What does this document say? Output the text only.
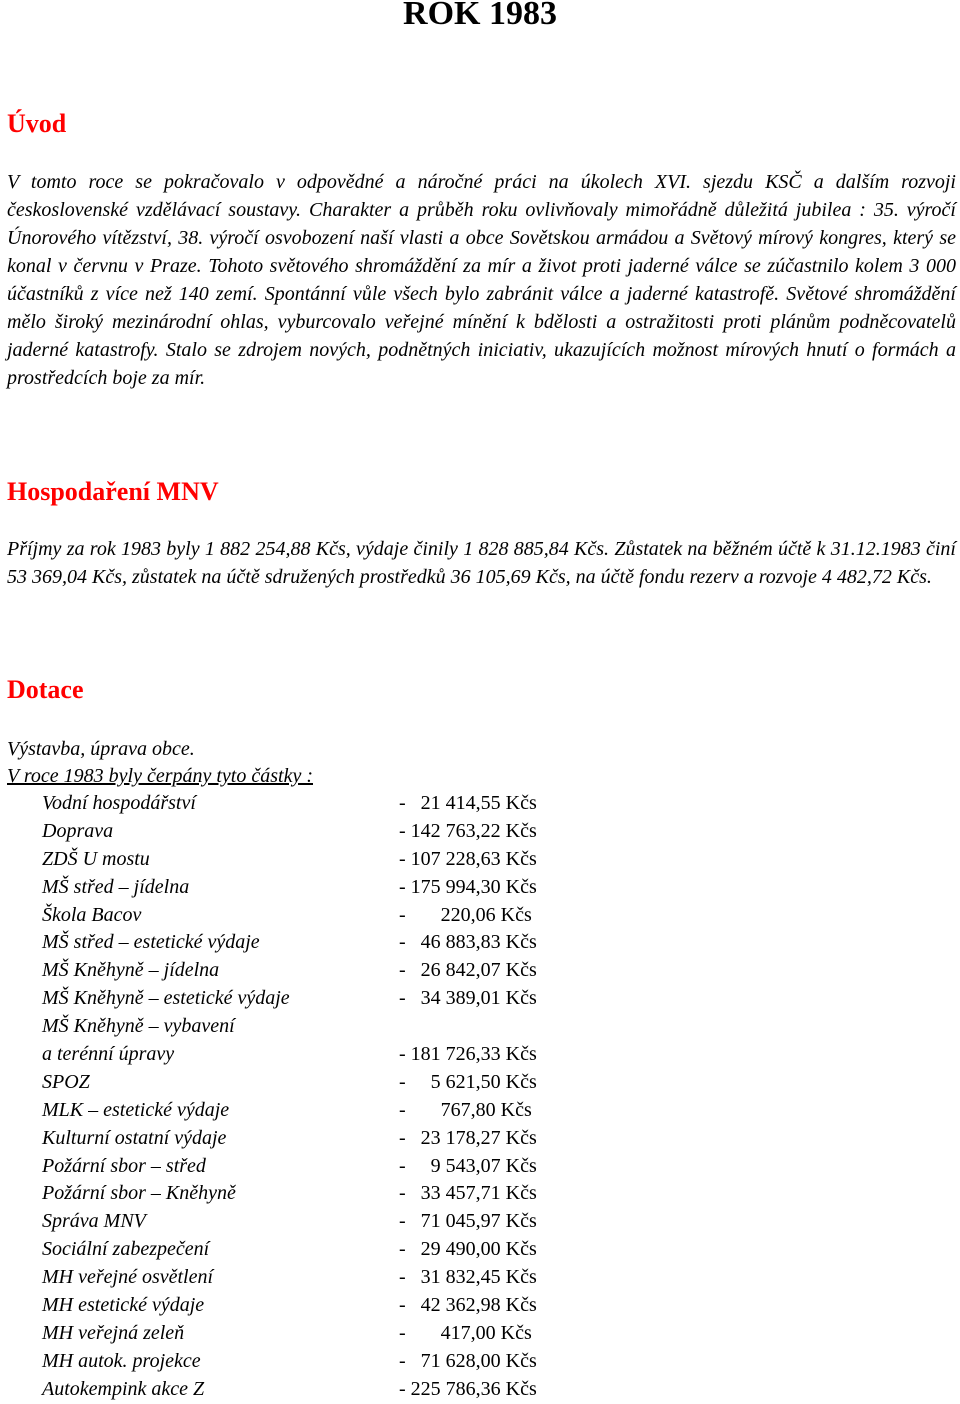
ROK 1983
Úvod

V tomto roce se pokračovalo v odpovědné a náročné práci na úkolech XVI. sjezdu KSČ a dalším rozvoji československé vzdělávací soustavy. Charakter a průběh roku ovlivňovaly mimořádně důležitá jubilea : 35. výročí Únorového vítězství, 38. výročí osvobození naší vlasti a obce Sovětskou armádou a Světový mírový kongres, který se konal v červnu v Praze. Tohoto světového shromáždění za mír a život proti jaderné válce se zúčastnilo kolem 3 000 účastníků z více než 140 zemí. Spontánní vůle všech bylo zabránit válce a jaderné katastrofě. Světové shromáždění mělo široký mezinárodní ohlas, vyburcovalo veřejné mínění k bdělosti a ostražitosti proti plánům podněcovatelů jaderné katastrofy. Stalo se zdrojem nových, podnětných iniciativ, ukazujících možnost mírových hnutí o formách a prostředcích boje za mír.

Hospodaření MNV

Příjmy za rok 1983 byly 1 882 254,88 Kčs, výdaje činily 1 828 885,84 Kčs. Zůstatek na běžném účtě k 31.12.1983 činí 53 369,04 Kčs, zůstatek na účtě sdružených prostředků 36 105,69 Kčs, na účtě fondu rezerv a rozvoje 4 482,72 Kčs.

Dotace

Výstavba, úprava obce.

V roce 1983 byly čerpány tyto částky :

Vodní hospodářství	-   21 414,55 Kčs
Doprava	- 142 763,22 Kčs
ZDŠ U mostu	- 107 228,63 Kčs
MŠ střed – jídelna	- 175 994,30 Kčs
Škola Bacov	-       220,06 Kčs
MŠ střed – estetické výdaje	-   46 883,83 Kčs
MŠ Kněhyně – jídelna	-   26 842,07 Kčs
MŠ Kněhyně – estetické výdaje	-   34 389,01 Kčs
MŠ Kněhyně – vybavení
a terénní úpravy	- 181 726,33 Kčs
SPOZ	-     5 621,50 Kčs
MLK – estetické výdaje	-       767,80 Kčs
Kulturní ostatní výdaje	-   23 178,27 Kčs
Požární sbor – střed	-     9 543,07 Kčs
Požární sbor – Kněhyně	-   33 457,71 Kčs
Správa MNV	-   71 045,97 Kčs
Sociální zabezpečení	-   29 490,00 Kčs
MH veřejné osvětlení	-   31 832,45 Kčs
MH estetické výdaje	-   42 362,98 Kčs
MH veřejná zeleň	-       417,00 Kčs
MH autok. projekce	-   71 628,00 Kčs
Autokempink akce Z	- 225 786,36 Kčs
